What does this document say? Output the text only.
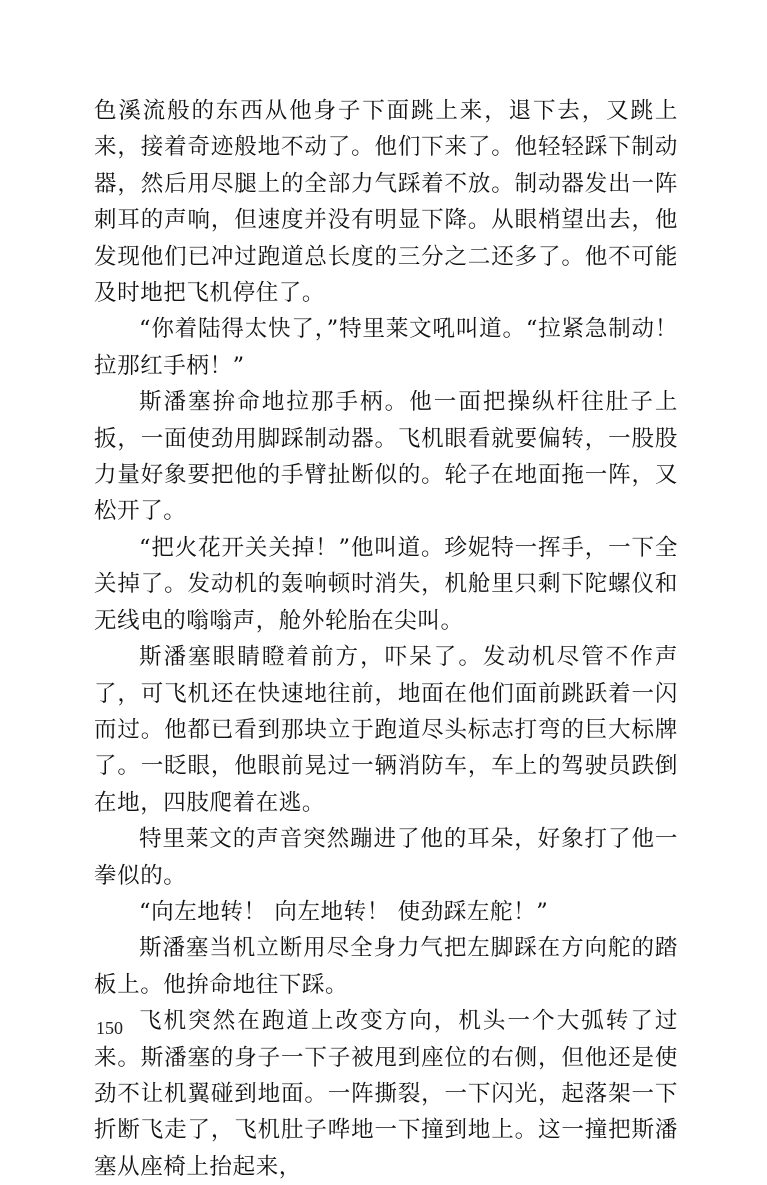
色溪流般的东西从他身子下面跳上来，退下去，又跳上来，接着奇迹般地不动了。他们下来了。他轻轻踩下制动器，然后用尽腿上的全部力气踩着不放。制动器发出一阵刺耳的声响，但速度并没有明显下降。从眼梢望出去，他发现他们已冲过跑道总长度的三分之二还多了。他不可能及时地把飞机停住了。

“你着陆得太快了，”特里莱文吼叫道。“拉紧急制动！拉那红手柄！”

斯潘塞拚命地拉那手柄。他一面把操纵杆往肚子上扳，一面使劲用脚踩制动器。飞机眼看就要偏转，一股股力量好象要把他的手臂扯断似的。轮子在地面拖一阵，又松开了。

“把火花开关关掉！”他叫道。珍妮特一挥手，一下全关掉了。发动机的轰响顿时消失，机舱里只剩下陀螺仪和无线电的嗡嗡声，舱外轮胎在尖叫。

斯潘塞眼睛瞪着前方，吓呆了。发动机尽管不作声了，可飞机还在快速地往前，地面在他们面前跳跃着一闪而过。他都已看到那块立于跑道尽头标志打弯的巨大标牌了。一眨眼，他眼前晃过一辆消防车，车上的驾驶员跌倒在地，四肢爬着在逃。

特里莱文的声音突然蹦进了他的耳朵，好象打了他一拳似的。

“向左地转！ 向左地转！ 使劲踩左舵！”

斯潘塞当机立断用尽全身力气把左脚踩在方向舵的踏板上。他拚命地往下踩。

飞机突然在跑道上改变方向，机头一个大弧转了过来。斯潘塞的身子一下子被甩到座位的右侧，但他还是使劲不让机翼碰到地面。一阵撕裂，一下闪光，起落架一下折断飞走了，飞机肚子哗地一下撞到地上。这一撞把斯潘塞从座椅上抬起来，

150
